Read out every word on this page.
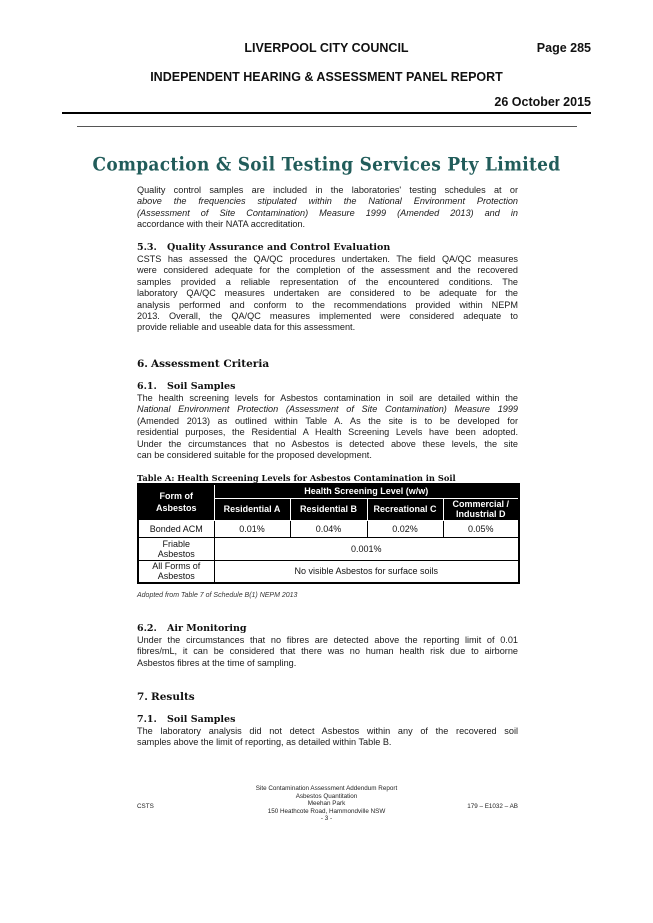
LIVERPOOL CITY COUNCIL	Page 285
INDEPENDENT HEARING & ASSESSMENT PANEL REPORT
26 October 2015
Compaction & Soil Testing Services Pty Limited
Quality control samples are included in the laboratories' testing schedules at or
above the frequencies stipulated within the National Environment Protection
(Assessment of Site Contamination) Measure 1999 (Amended 2013) and in
accordance with their NATA accreditation.
5.3. Quality Assurance and Control Evaluation
CSTS has assessed the QA/QC procedures undertaken. The field QA/QC measures
were considered adequate for the completion of the assessment and the recovered
samples provided a reliable representation of the encountered conditions. The
laboratory QA/QC measures undertaken are considered to be adequate for the
analysis performed and conform to the recommendations provided within NEPM
2013. Overall, the QA/QC measures implemented were considered adequate to
provide reliable and useable data for this assessment.
6. Assessment Criteria
6.1. Soil Samples
The health screening levels for Asbestos contamination in soil are detailed within the
National Environment Protection (Assessment of Site Contamination) Measure 1999
(Amended 2013) as outlined within Table A. As the site is to be developed for
residential purposes, the Residential A Health Screening Levels have been adopted.
Under the circumstances that no Asbestos is detected above these levels, the site
can be considered suitable for the proposed development.
Table A: Health Screening Levels for Asbestos Contamination in Soil
Form of Asbestos	Health Screening Level (w/w)			
	Residential A	Residential B	Recreational C	Commercial / Industrial D
Bonded ACM	0.01%	0.04%	0.02%	0.05%
Friable Asbestos	0.001%			
All Forms of Asbestos	No visible Asbestos for surface soils			
Adopted from Table 7 of Schedule B(1) NEPM 2013
6.2. Air Monitoring
Under the circumstances that no fibres are detected above the reporting limit of 0.01
fibres/mL, it can be considered that there was no human health risk due to airborne
Asbestos fibres at the time of sampling.
7. Results
7.1. Soil Samples
The laboratory analysis did not detect Asbestos within any of the recovered soil
samples above the limit of reporting, as detailed within Table B.
CSTS
Site Contamination Assessment Addendum Report
Asbestos Quantitation
Meehan Park
150 Heathcote Road, Hammondville NSW
- 3 -
179 – E1032 – AB
